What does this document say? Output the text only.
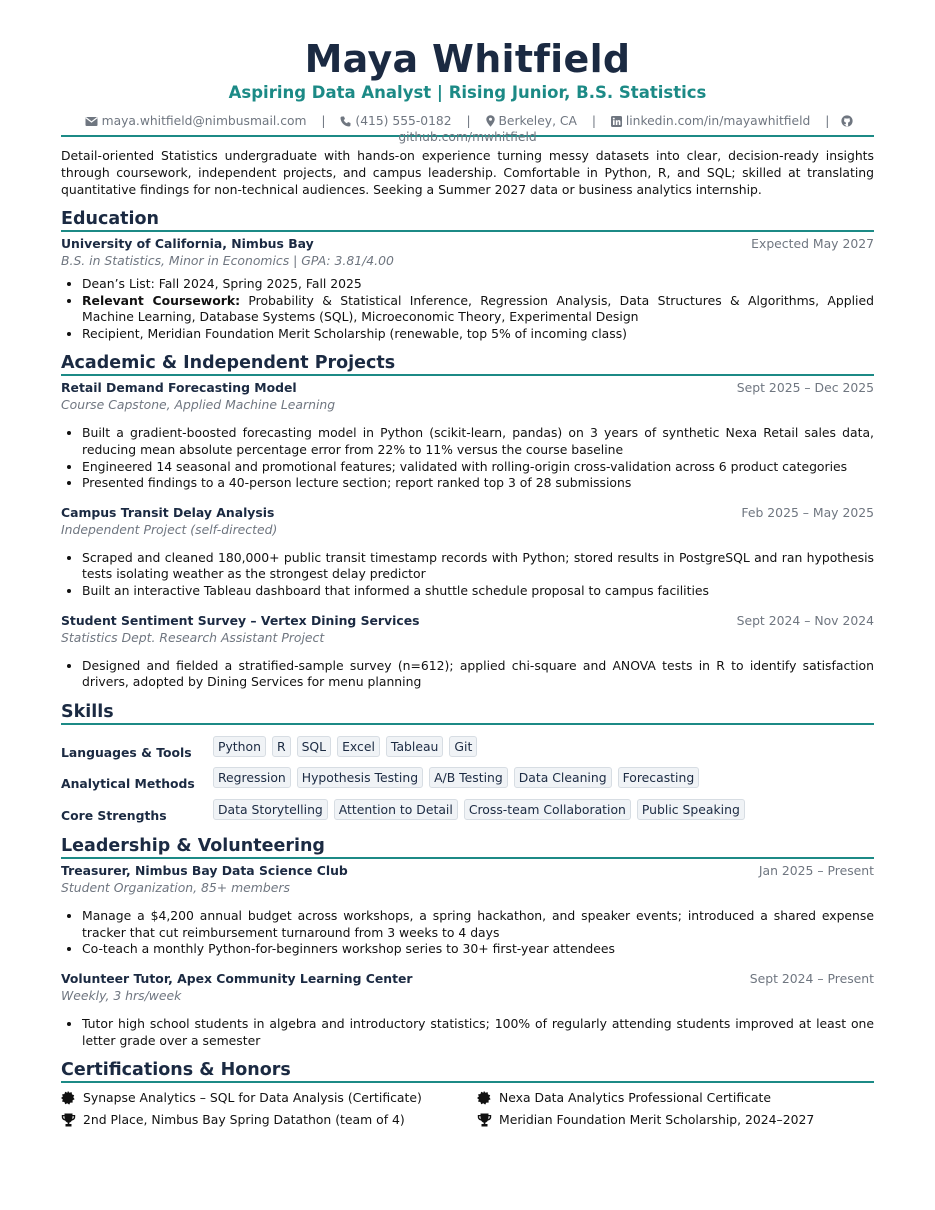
Maya Whitfield
Aspiring Data Analyst | Rising Junior, B.S. Statistics
maya.whitfield@nimbusmail.com | (415) 555-0182 | Berkeley, CA | linkedin.com/in/mayawhitfield |
github.com/mwhitfield
Detail-oriented Statistics undergraduate with hands-on experience turning messy datasets into clear, decision-ready insights through coursework, independent projects, and campus leadership. Comfortable in Python, R, and SQL; skilled at translating quantitative findings for non-technical audiences. Seeking a Summer 2027 data or business analytics internship.
Education
University of California, Nimbus Bay	Expected May 2027
B.S. in Statistics, Minor in Economics | GPA: 3.81/4.00
• Dean’s List: Fall 2024, Spring 2025, Fall 2025
• Relevant Coursework: Probability & Statistical Inference, Regression Analysis, Data Structures & Algorithms, Applied Machine Learning, Database Systems (SQL), Microeconomic Theory, Experimental Design
• Recipient, Meridian Foundation Merit Scholarship (renewable, top 5% of incoming class)
Academic & Independent Projects
Retail Demand Forecasting Model	Sept 2025 – Dec 2025
Course Capstone, Applied Machine Learning
• Built a gradient-boosted forecasting model in Python (scikit-learn, pandas) on 3 years of synthetic Nexa Retail sales data, reducing mean absolute percentage error from 22% to 11% versus the course baseline
• Engineered 14 seasonal and promotional features; validated with rolling-origin cross-validation across 6 product categories
• Presented findings to a 40-person lecture section; report ranked top 3 of 28 submissions
Campus Transit Delay Analysis	Feb 2025 – May 2025
Independent Project (self-directed)
• Scraped and cleaned 180,000+ public transit timestamp records with Python; stored results in PostgreSQL and ran hypothesis tests isolating weather as the strongest delay predictor
• Built an interactive Tableau dashboard that informed a shuttle schedule proposal to campus facilities
Student Sentiment Survey – Vertex Dining Services	Sept 2024 – Nov 2024
Statistics Dept. Research Assistant Project
• Designed and fielded a stratified-sample survey (n=612); applied chi-square and ANOVA tests in R to identify satisfaction drivers, adopted by Dining Services for menu planning
Skills
Languages & Tools	Python	R	SQL	Excel	Tableau	Git
Analytical Methods	Regression	Hypothesis Testing	A/B Testing	Data Cleaning	Forecasting
Core Strengths	Data Storytelling	Attention to Detail	Cross-team Collaboration	Public Speaking
Leadership & Volunteering
Treasurer, Nimbus Bay Data Science Club	Jan 2025 – Present
Student Organization, 85+ members
• Manage a $4,200 annual budget across workshops, a spring hackathon, and speaker events; introduced a shared expense tracker that cut reimbursement turnaround from 3 weeks to 4 days
• Co-teach a monthly Python-for-beginners workshop series to 30+ first-year attendees
Volunteer Tutor, Apex Community Learning Center	Sept 2024 – Present
Weekly, 3 hrs/week
• Tutor high school students in algebra and introductory statistics; 100% of regularly attending students improved at least one letter grade over a semester
Certifications & Honors
Synapse Analytics – SQL for Data Analysis (Certificate)	Nexa Data Analytics Professional Certificate
2nd Place, Nimbus Bay Spring Datathon (team of 4)	Meridian Foundation Merit Scholarship, 2024–2027
